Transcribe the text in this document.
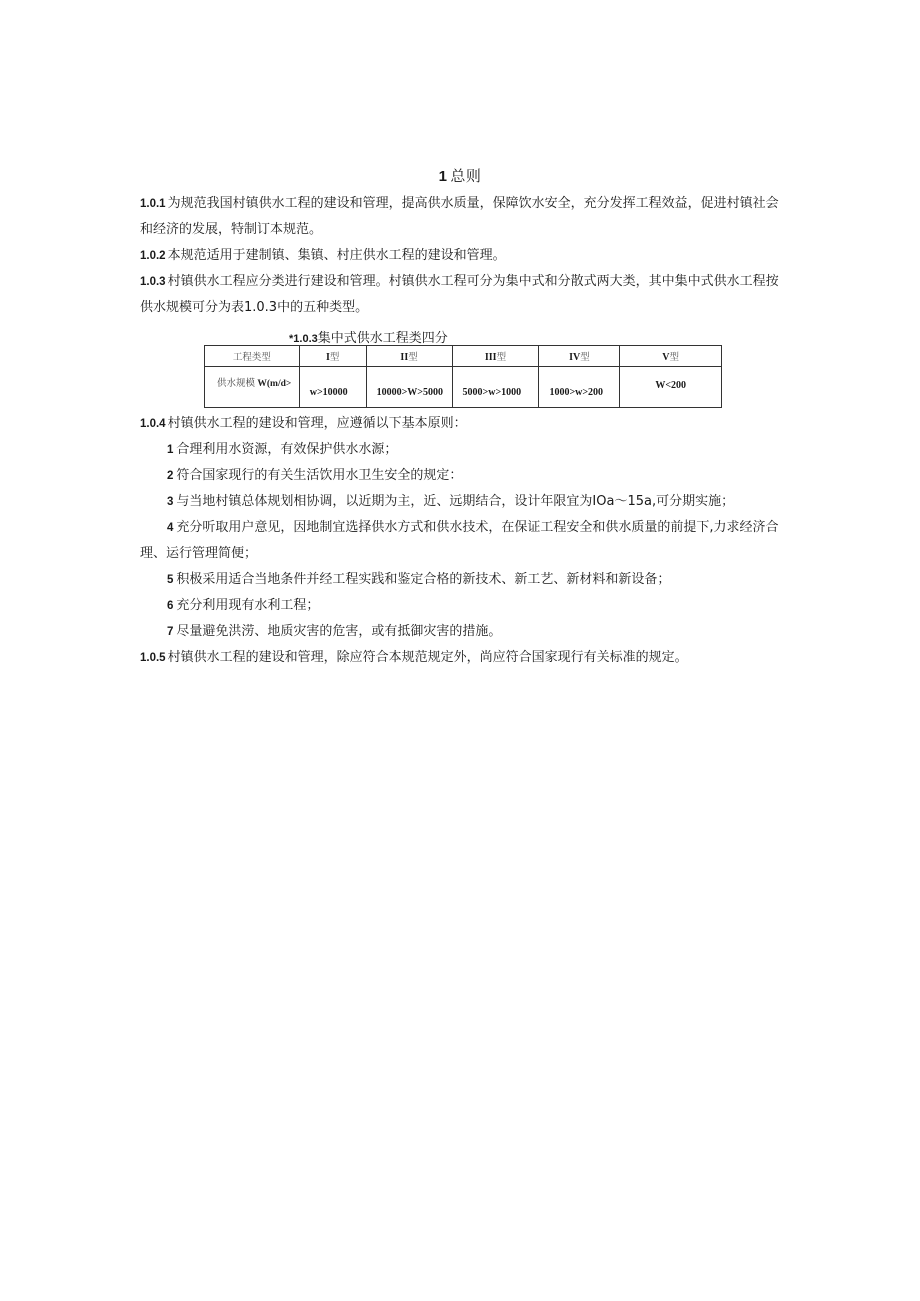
1 总则

1.0.1 为规范我国村镇供水工程的建设和管理，提高供水质量，保障饮水安全，充分发挥工程效益，促进村镇社会和经济的发展，特制订本规范。

1.0.2 本规范适用于建制镇、集镇、村庄供水工程的建设和管理。

1.0.3 村镇供水工程应分类进行建设和管理。村镇供水工程可分为集中式和分散式两大类，其中集中式供水工程按供水规模可分为表1.0.3中的五种类型。

*1.0.3集中式供水工程类四分
工程类型	I型	II型	III型	IV型	V型

供水规模 W(m/d>	w>10000	10000>W>5000	5000>w>1000	1000>w>200	W<200

1.0.4 村镇供水工程的建设和管理，应遵循以下基本原则：

1 合理利用水资源，有效保护供水水源；

2 符合国家现行的有关生活饮用水卫生安全的规定：

3 与当地村镇总体规划相协调，以近期为主，近、远期结合，设计年限宜为IOa～15a,可分期实施；

4 充分听取用户意见，因地制宜选择供水方式和供水技术，在保证工程安全和供水质量的前提下,力求经济合理、运行管理简便；

5 积极采用适合当地条件并经工程实践和鉴定合格的新技术、新工艺、新材料和新设备；

6 充分利用现有水利工程；

7 尽量避免洪涝、地质灾害的危害，或有抵御灾害的措施。

1.0.5 村镇供水工程的建设和管理，除应符合本规范规定外，尚应符合国家现行有关标准的规定。
